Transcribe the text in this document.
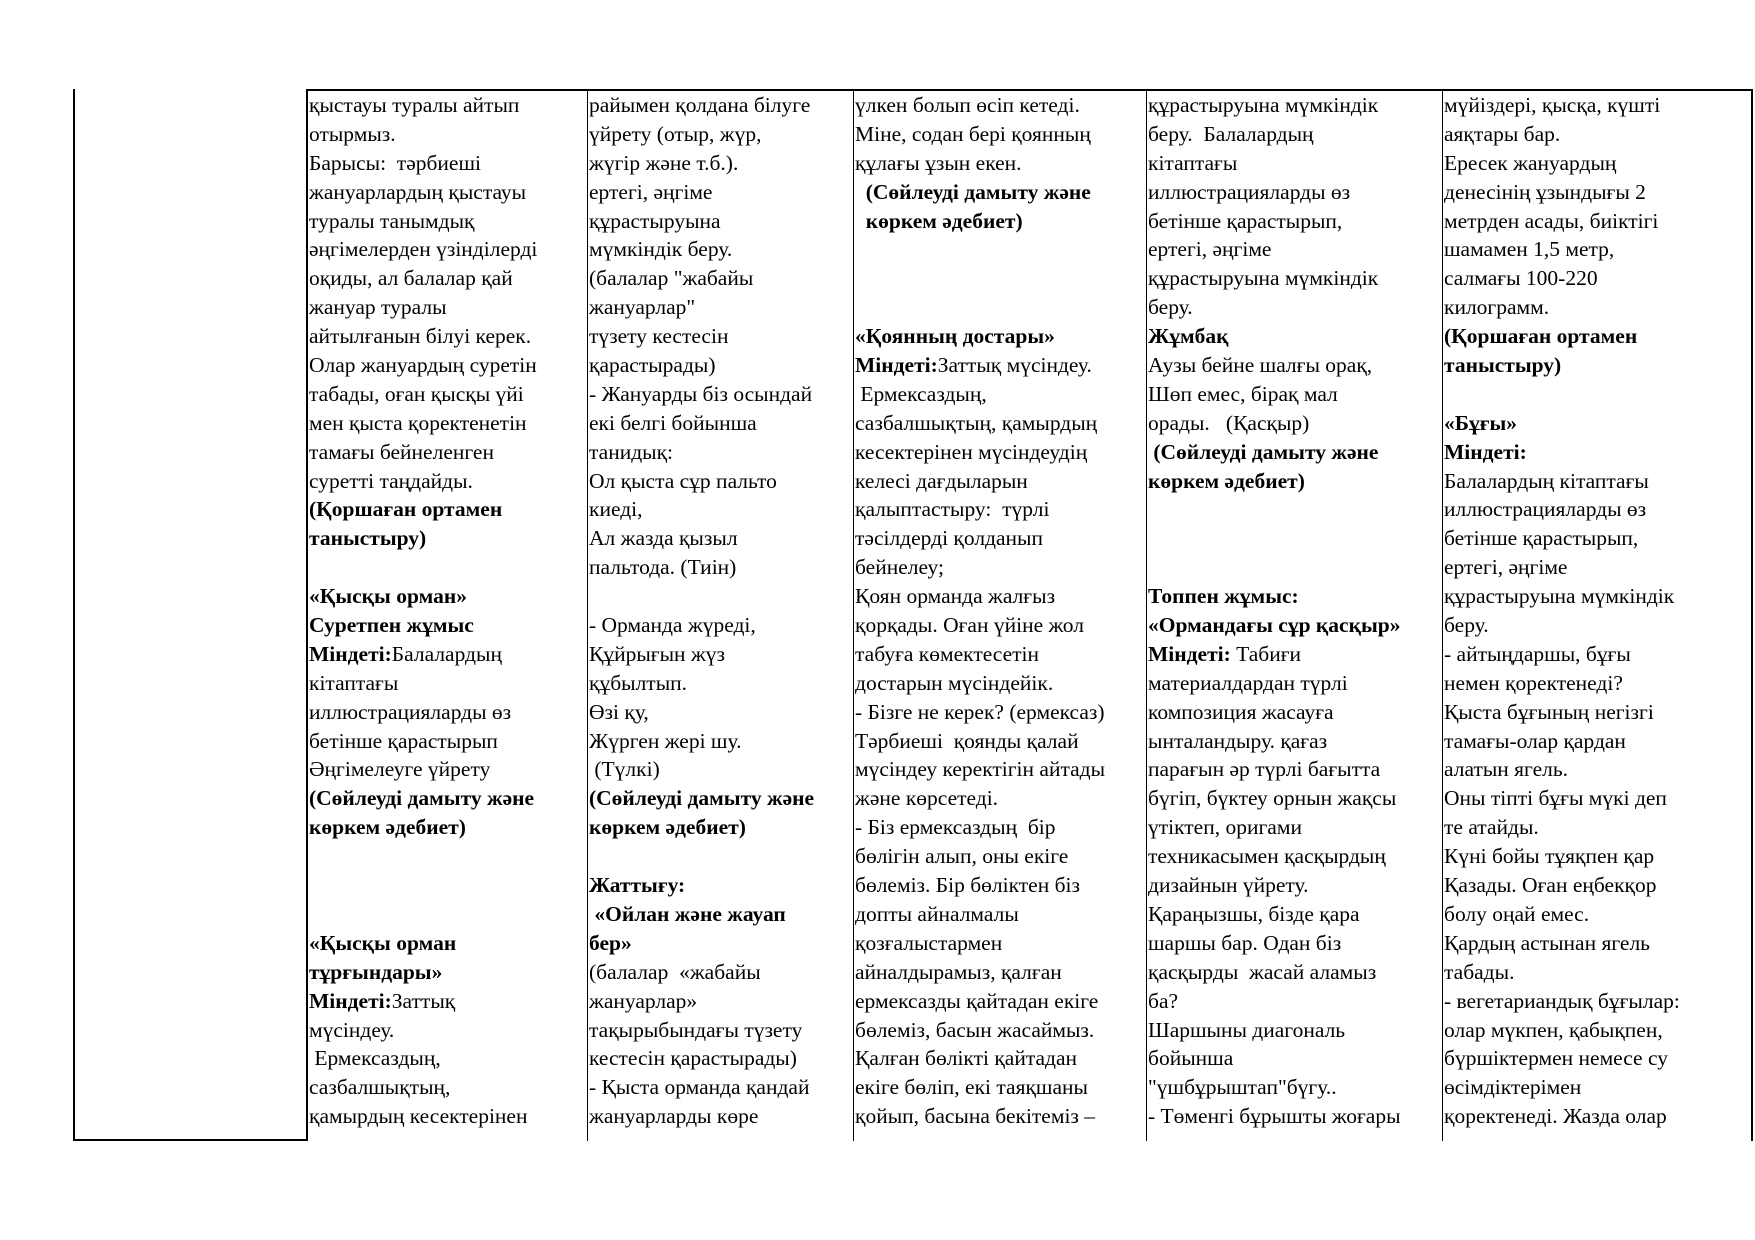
қыстауы туралы айтып
отырмыз.
Барысы:  тәрбиеші
жануарлардың қыстауы
туралы танымдық
әңгімелерден үзінділерді
оқиды, ал балалар қай
жануар туралы
айтылғанын білуі керек.
Олар жануардың суретін
табады, оған қысқы үйі
мен қыста қоректенетін
тамағы бейнеленген
суретті таңдайды.
(Қоршаған ортамен
таныстыру)
«Қысқы орман»
Суретпен жұмыс
Міндеті:Балалардың
кітаптағы
иллюстрацияларды өз
бетінше қарастырып
Әңгімелеуге үйрету
(Сөйлеуді дамыту және
көркем әдебиет)
«Қысқы орман
тұрғындары»
Міндеті:Заттық
мүсіндеу.
Ермексаздың,
сазбалшықтың,
қамырдың кесектерінен
райымен қолдана білуге
үйрету (отыр, жүр,
жүгір және т.б.).
ертегі, әңгіме
құрастыруына
мүмкіндік беру.
(балалар "жабайы
жануарлар"
түзету кестесін
қарастырады)
- Жануарды біз осындай
екі белгі бойынша
танидық:
Ол қыста сұр пальто
киеді,
Ал жазда қызыл
пальтода. (Тиін)
- Орманда жүреді,
Құйрығын жүз
құбылтып.
Өзі қу,
Жүрген жері шу.
(Түлкі)
(Сөйлеуді дамыту және
көркем әдебиет)
Жаттығу:
«Ойлан және жауап
бер»
(балалар  «жабайы
жануарлар»
тақырыбындағы түзету
кестесін қарастырады)
- Қыста орманда қандай
жануарларды көре
үлкен болып өсіп кетеді.
Міне, содан бері қоянның
құлағы ұзын екен.
(Сөйлеуді дамыту және
көркем әдебиет)
«Қоянның достары»
Міндеті:Заттық мүсіндеу.
Ермексаздың,
сазбалшықтың, қамырдың
кесектерінен мүсіндеудің
келесі дағдыларын
қалыптастыру:  түрлі
тәсілдерді қолданып
бейнелеу;
Қоян орманда жалғыз
қорқады. Оған үйіне жол
табуға көмектесетін
достарын мүсіндейік.
- Бізге не керек? (ермексаз)
Тәрбиеші  қоянды қалай
мүсіндеу керектігін айтады
және көрсетеді.
- Біз ермексаздың  бір
бөлігін алып, оны екіге
бөлеміз. Бір бөліктен біз
допты айналмалы
қозғалыстармен
айналдырамыз, қалған
ермексазды қайтадан екіге
бөлеміз, басын жасаймыз.
Қалған бөлікті қайтадан
екіге бөліп, екі таяқшаны
қойып, басына бекітеміз –
құрастыруына мүмкіндік
беру.  Балалардың
кітаптағы
иллюстрацияларды өз
бетінше қарастырып,
ертегі, әңгіме
құрастыруына мүмкіндік
беру.
Жұмбақ
Аузы бейне шалғы орақ,
Шөп емес, бірақ мал
орады.   (Қасқыр)
(Сөйлеуді дамыту және
көркем әдебиет)
Топпен жұмыс:
«Ормандағы сұр қасқыр»
Міндеті: Табиғи
материалдардан түрлі
композиция жасауға
ынталандыру. қағаз
парағын әр түрлі бағытта
бүгіп, бүктеу орнын жақсы
үтіктеп, оригами
техникасымен қасқырдың
дизайнын үйрету.
Қараңызшы, бізде қара
шаршы бар. Одан біз
қасқырды  жасай аламыз
ба?
Шаршыны диагональ
бойынша
"үшбұрыштап"бүгу..
- Төменгі бұрышты жоғары
мүйіздері, қысқа, күшті
аяқтары бар.
Ересек жануардың
денесінің ұзындығы 2
метрден асады, биіктігі
шамамен 1,5 метр,
салмағы 100-220
килограмм.
(Қоршаған ортамен
таныстыру)
«Бұғы»
Міндеті:
Балалардың кітаптағы
иллюстрацияларды өз
бетінше қарастырып,
ертегі, әңгіме
құрастыруына мүмкіндік
беру.
- айтыңдаршы, бұғы
немен қоректенеді?
Қыста бұғының негізгі
тамағы-олар қардан
алатын ягель.
Оны тіпті бұғы мүкі деп
те атайды.
Күні бойы тұяқпен қар
Қазады. Оған еңбекқор
болу оңай емес.
Қардың астынан ягель
табады.
- вегетариандық бұғылар:
олар мүкпен, қабықпен,
бүршіктермен немесе су
өсімдіктерімен
қоректенеді. Жазда олар
